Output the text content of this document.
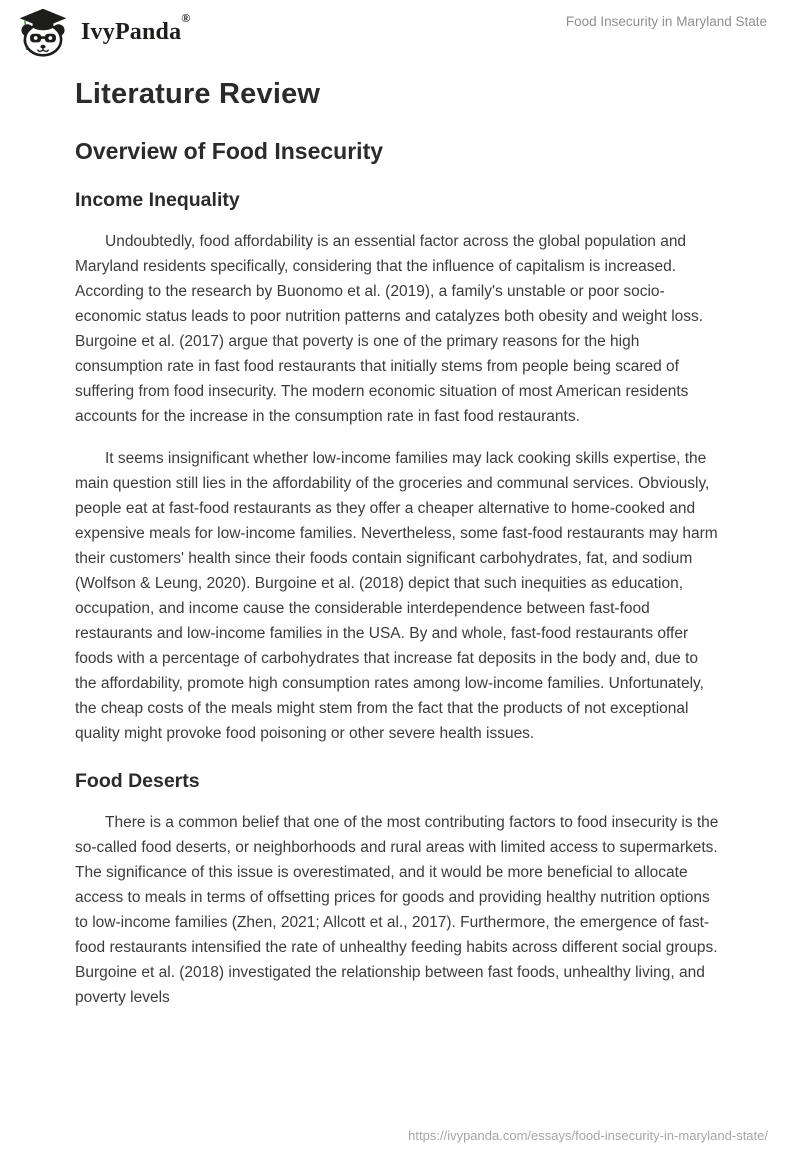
IvyPanda®	Food Insecurity in Maryland State
Literature Review
Overview of Food Insecurity
Income Inequality

Undoubtedly, food affordability is an essential factor across the global population and Maryland residents specifically, considering that the influence of capitalism is increased. According to the research by Buonomo et al. (2019), a family's unstable or poor socio-economic status leads to poor nutrition patterns and catalyzes both obesity and weight loss. Burgoine et al. (2017) argue that poverty is one of the primary reasons for the high consumption rate in fast food restaurants that initially stems from people being scared of suffering from food insecurity. The modern economic situation of most American residents accounts for the increase in the consumption rate in fast food restaurants.

It seems insignificant whether low-income families may lack cooking skills expertise, the main question still lies in the affordability of the groceries and communal services. Obviously, people eat at fast-food restaurants as they offer a cheaper alternative to home-cooked and expensive meals for low-income families. Nevertheless, some fast-food restaurants may harm their customers' health since their foods contain significant carbohydrates, fat, and sodium (Wolfson & Leung, 2020). Burgoine et al. (2018) depict that such inequities as education, occupation, and income cause the considerable interdependence between fast-food restaurants and low-income families in the USA. By and whole, fast-food restaurants offer foods with a percentage of carbohydrates that increase fat deposits in the body and, due to the affordability, promote high consumption rates among low-income families. Unfortunately, the cheap costs of the meals might stem from the fact that the products of not exceptional quality might provoke food poisoning or other severe health issues.

Food Deserts

There is a common belief that one of the most contributing factors to food insecurity is the so-called food deserts, or neighborhoods and rural areas with limited access to supermarkets. The significance of this issue is overestimated, and it would be more beneficial to allocate access to meals in terms of offsetting prices for goods and providing healthy nutrition options to low-income families (Zhen, 2021; Allcott et al., 2017). Furthermore, the emergence of fast-food restaurants intensified the rate of unhealthy feeding habits across different social groups. Burgoine et al. (2018) investigated the relationship between fast foods, unhealthy living, and poverty levels

https://ivypanda.com/essays/food-insecurity-in-maryland-state/
